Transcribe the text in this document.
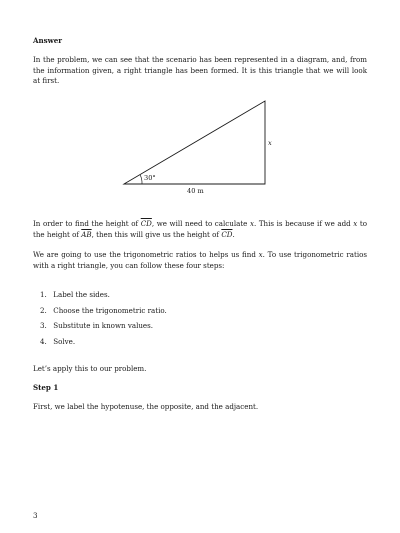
Answer

In the problem, we can see that the scenario has been represented in a diagram, and, from the information given, a right triangle has been formed. It is this triangle that we will look at first.

30°
x
40 m

In order to find the height of $\overline{CD}$, we will need to calculate x. This is because if we add x to the height of $\overline{AB}$, then this will give us the height of $\overline{CD}$.

We are going to use the trigonometric ratios to helps us find x. To use trigonometric ratios with a right triangle, you can follow these four steps:

1. Label the sides.
2. Choose the trigonometric ratio.
3. Substitute in known values.
4. Solve.

Let’s apply this to our problem.

Step 1

First, we label the hypotenuse, the opposite, and the adjacent.

3
